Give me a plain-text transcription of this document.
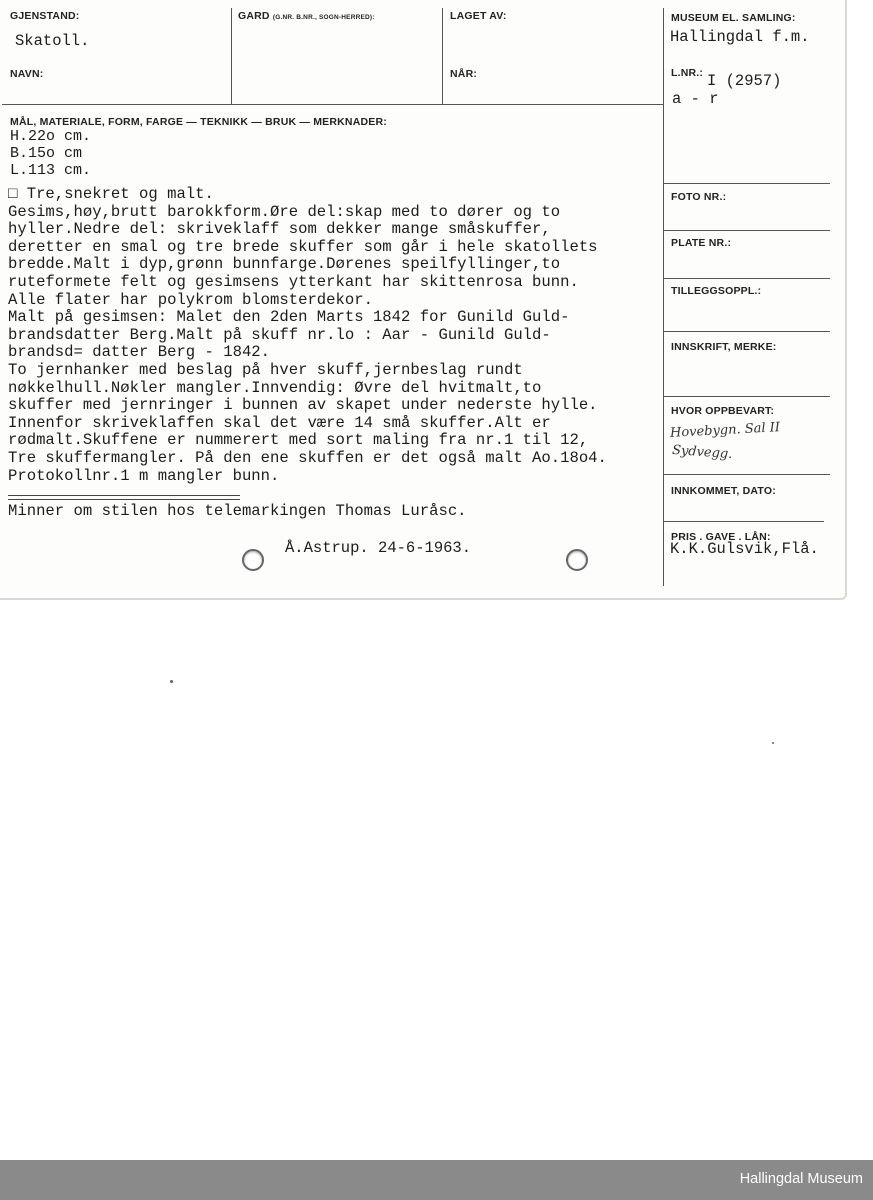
GJENSTAND:
Skatoll.
GARD (G.NR. B.NR., SOGN-HERRED):	LAGET AV:
NAVN:	NÅR:
MUSEUM EL. SAMLING:
Hallingdal f.m.
L.NR.: I (2957)
a - r
MÅL, MATERIALE, FORM, FARGE — TEKNIKK — BRUK — MERKNADER:
H.22o cm.
B.15o cm
L.113 cm.
□ Tre,snekret og malt.
Gesims,høy,brutt barokkform.Øre del:skap med to dører og to
hyller.Nedre del: skriveklaff som dekker mange småskuffer,
deretter en smal og tre brede skuffer som går i hele skatollets
bredde.Malt i dyp,grønn bunnfarge.Dørenes speilfyllinger,to
ruteformete felt og gesimsens ytterkant har skittenrosa bunn.
Alle flater har polykrom blomsterdekor.
Malt på gesimsen: Malet den 2den Marts 1842 for Gunild Guld-
brandsdatter Berg.Malt på skuff nr.lo : Aar - Gunild Guld-
brandsd= datter Berg - 1842.
To jernhanker med beslag på hver skuff,jernbeslag rundt
nøkkelhull.Nøkler mangler.Innvendig: Øvre del hvitmalt,to
skuffer med jernringer i bunnen av skapet under nederste hylle.
Innenfor skriveklaffen skal det være 14 små skuffer.Alt er
rødmalt.Skuffene er nummerert med sort maling fra nr.1 til 12,
Tre skuffermangler. På den ene skuffen er det også malt Ao.18o4.
Protokollnr.1 m mangler bunn.

Minner om stilen hos telemarkingen Thomas Luråsс.
Å.Astrup. 24-6-1963.
FOTO NR.:
PLATE NR.:
TILLEGGSOPPL.:
INNSKRIFT, MERKE:
HVOR OPPBEVART:
Hovebygn. Sal II
Sydvegg.
INNKOMMET, DATO:
PRIS . GAVE . LÅN:
K.K.Gulsvik,Flå.
Hallingdal Museum
